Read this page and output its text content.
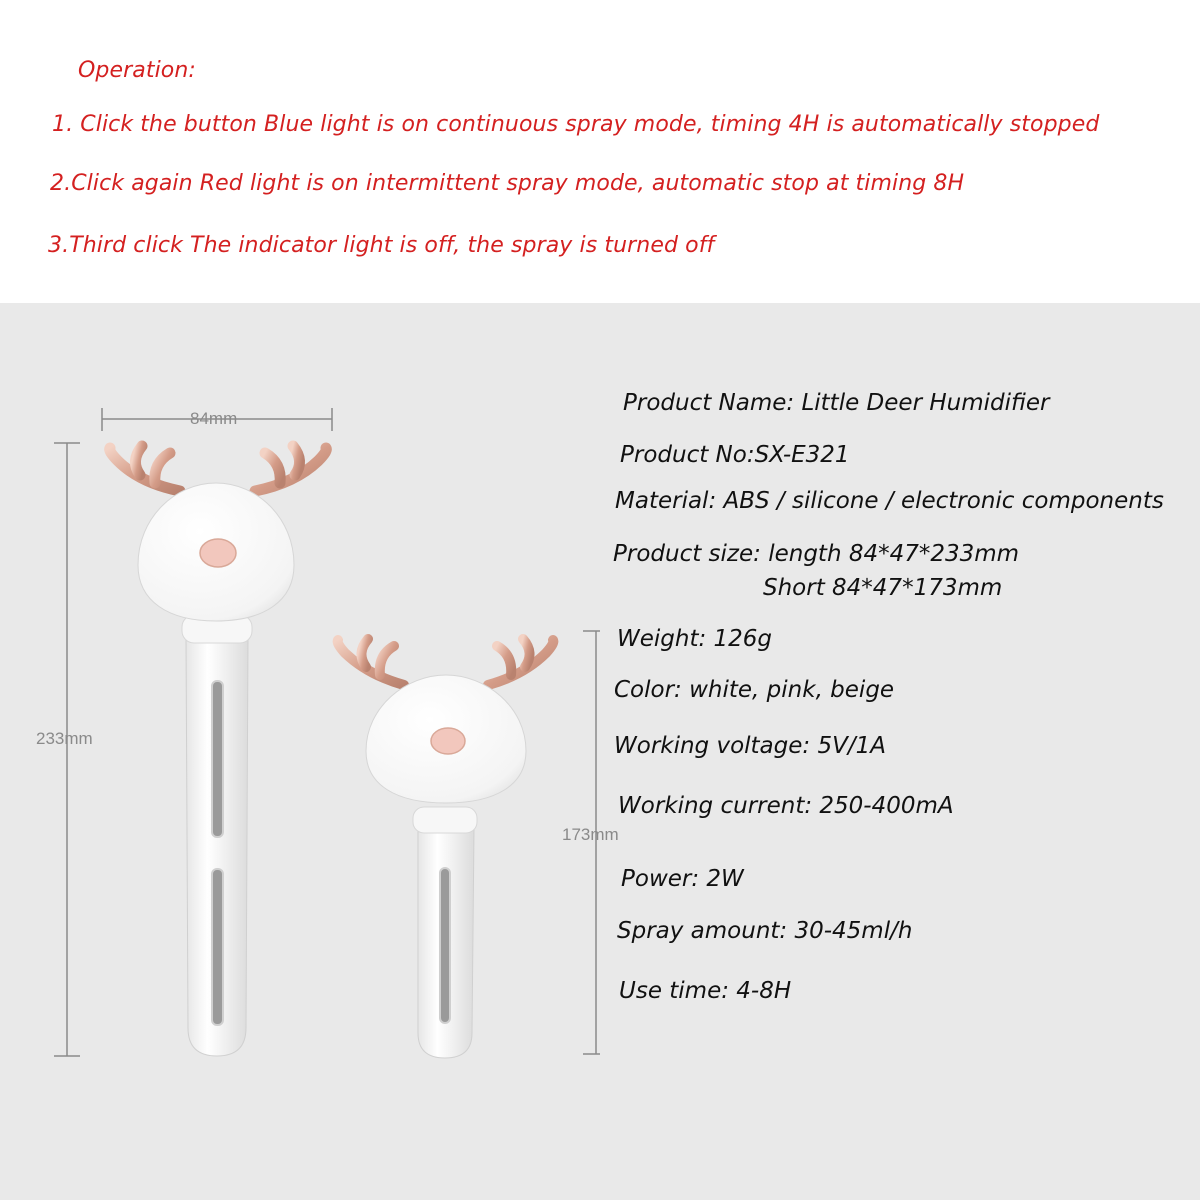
Operation:
1. Click the button Blue light is on continuous spray mode, timing 4H is automatically stopped
2.Click again Red light is on intermittent spray mode, automatic stop at timing 8H
3.Third click The indicator light is off, the spray is turned off
84mm
233mm
173mm
Product Name: Little Deer Humidifier
Product No:SX-E321
Material: ABS / silicone / electronic components
Product size: length 84*47*233mm
Short 84*47*173mm
Weight: 126g
Color: white, pink, beige
Working voltage: 5V/1A
Working current: 250-400mA
Power: 2W
Spray amount: 30-45ml/h
Use time: 4-8H
